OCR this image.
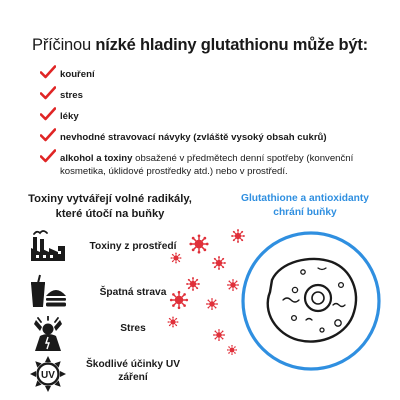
Příčinou nízké hladiny glutathionu může být:
kouření
stres
léky
nevhodné stravovací návyky (zvláště vysoký obsah cukrů)
alkohol a toxiny obsažené v předmětech denní spotřeby (konvenční kosmetika, úklidové prostředky atd.) nebo v prostředí.
Toxiny vytvářejí volné radikály, které útočí na buňky
Glutathione a antioxidanty chrání buňky
Toxiny z prostředí
Špatná strava
Stres
UV
Škodlivé účinky UV záření
